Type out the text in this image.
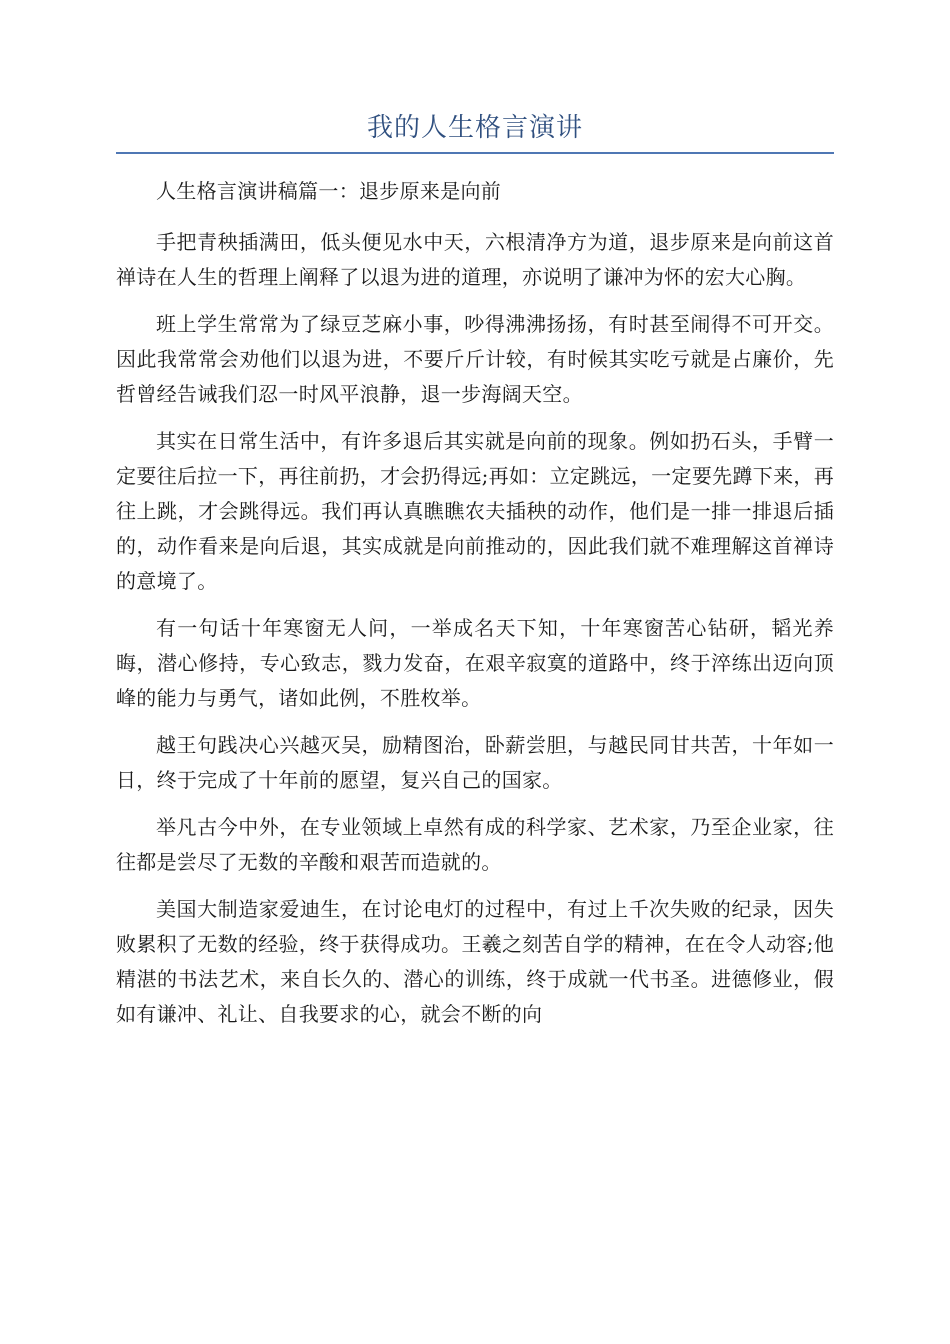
我的人生格言演讲

人生格言演讲稿篇一：退步原来是向前

手把青秧插满田，低头便见水中天，六根清净方为道，退步原来是向前这首禅诗在人生的哲理上阐释了以退为进的道理，亦说明了谦冲为怀的宏大心胸。

班上学生常常为了绿豆芝麻小事，吵得沸沸扬扬，有时甚至闹得不可开交。因此我常常会劝他们以退为进，不要斤斤计较，有时候其实吃亏就是占廉价，先哲曾经告诫我们忍一时风平浪静，退一步海阔天空。

其实在日常生活中，有许多退后其实就是向前的现象。例如扔石头，手臂一定要往后拉一下，再往前扔，才会扔得远;再如：立定跳远，一定要先蹲下来，再往上跳，才会跳得远。我们再认真瞧瞧农夫插秧的动作，他们是一排一排退后插的，动作看来是向后退，其实成就是向前推动的，因此我们就不难理解这首禅诗的意境了。

有一句话十年寒窗无人问，一举成名天下知，十年寒窗苦心钻研，韬光养晦，潜心修持，专心致志，戮力发奋，在艰辛寂寞的道路中，终于淬练出迈向顶峰的能力与勇气，诸如此例，不胜枚举。

越王句践决心兴越灭吴，励精图治，卧薪尝胆，与越民同甘共苦，十年如一日，终于完成了十年前的愿望，复兴自己的国家。

举凡古今中外，在专业领域上卓然有成的科学家、艺术家，乃至企业家，往往都是尝尽了无数的辛酸和艰苦而造就的。

美国大制造家爱迪生，在讨论电灯的过程中，有过上千次失败的纪录，因失败累积了无数的经验，终于获得成功。王羲之刻苦自学的精神，在在令人动容;他精湛的书法艺术，来自长久的、潜心的训练，终于成就一代书圣。进德修业，假如有谦冲、礼让、自我要求的心，就会不断的向
